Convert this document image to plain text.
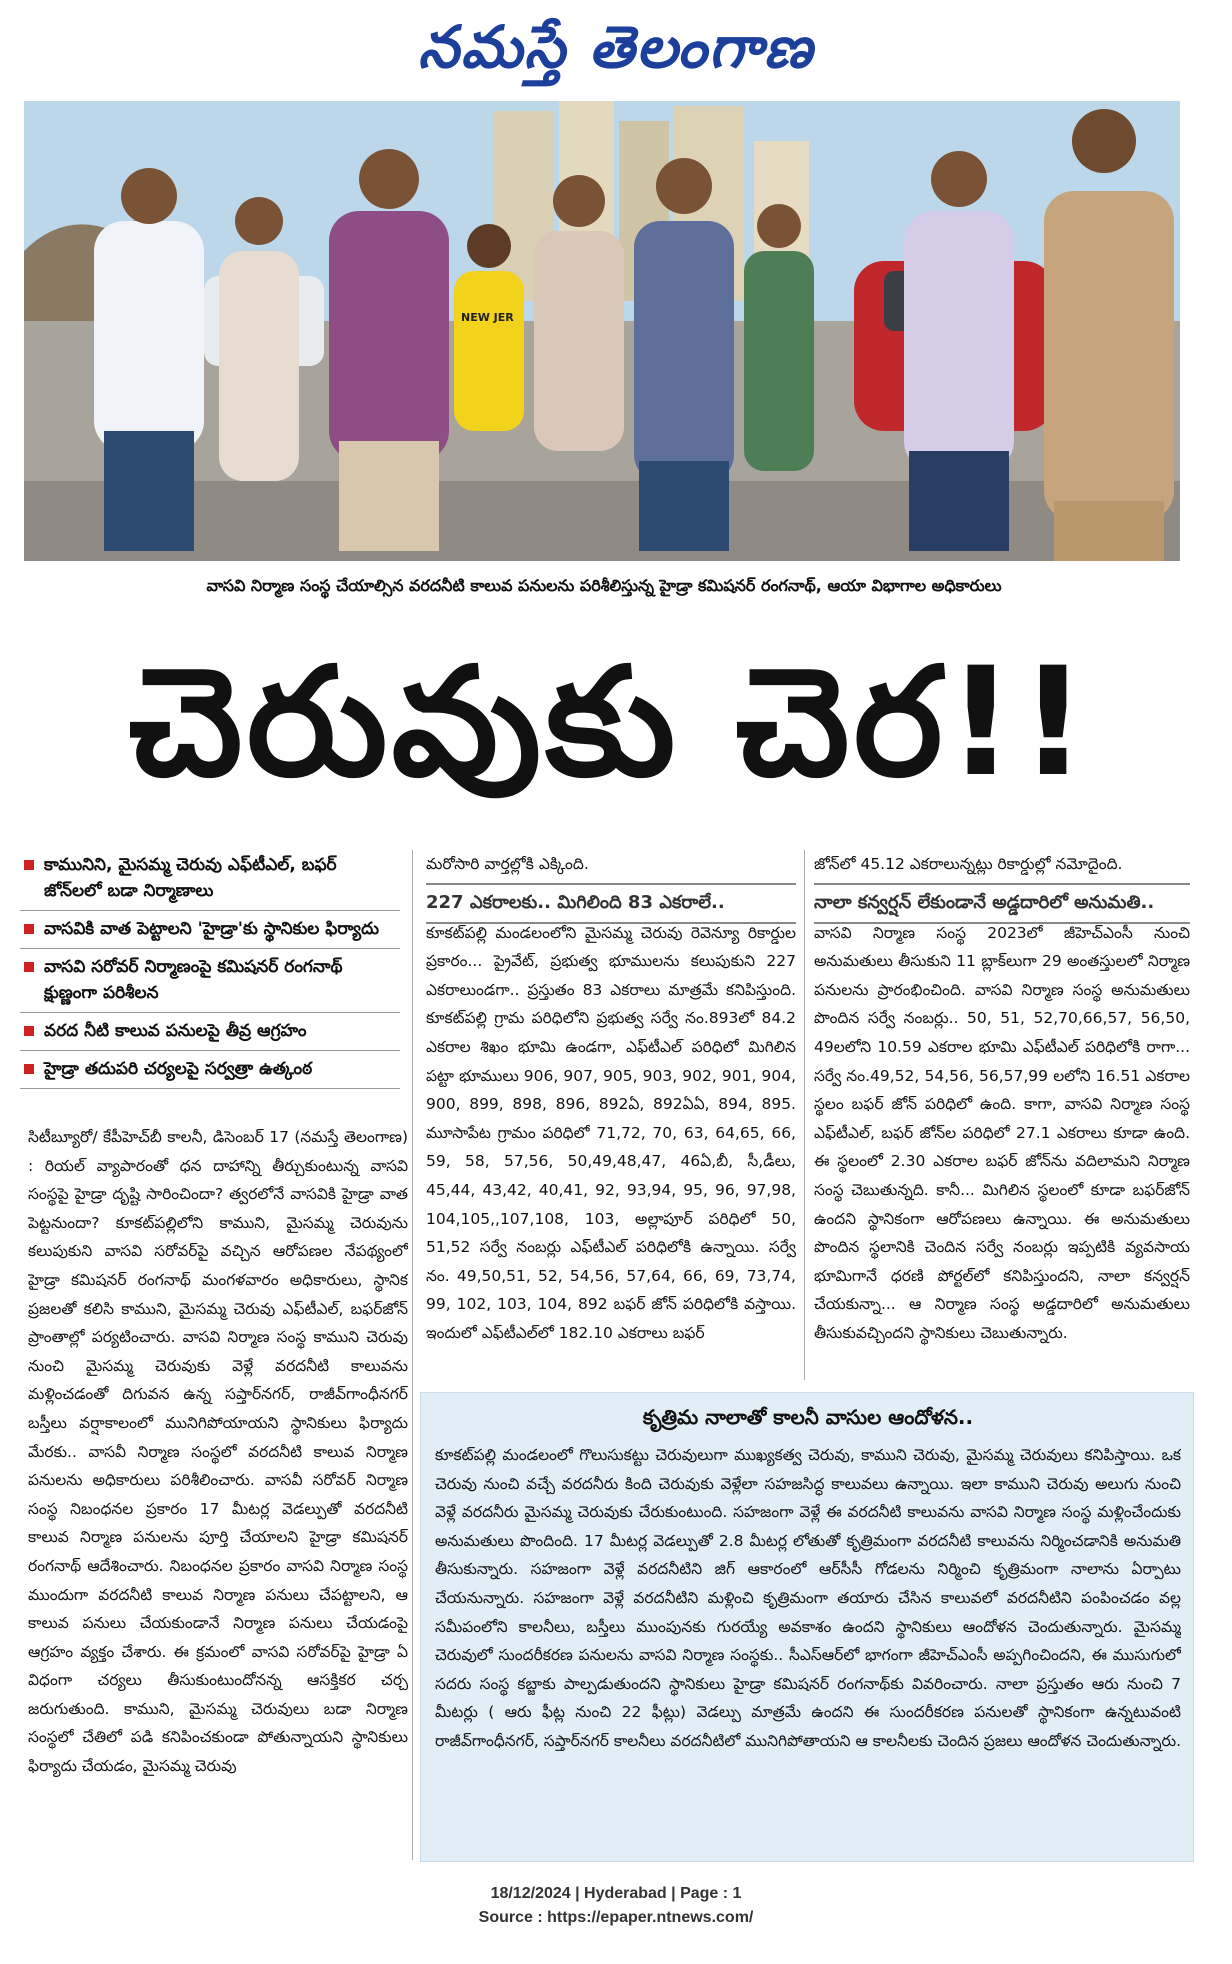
నమస్తే తెలంగాణ
NEW JER
వాసవి నిర్మాణ సంస్థ చేయాల్సిన వరదనీటి కాలువ పనులను పరిశీలిస్తున్న హైడ్రా కమిషనర్ రంగనాథ్, ఆయా విభాగాల అధికారులు
చెరువుకు చెర!!
కామునిని, మైసమ్మ చెరువు ఎఫ్‌టీఎల్, బఫర్ జోన్‌లలో బడా నిర్మాణాలు
వాసవికి వాత పెట్టాలని 'హైడ్రా'కు స్థానికుల ఫిర్యాదు
వాసవి సరోవర్ నిర్మాణంపై కమిషనర్ రంగనాథ్ క్షుణ్ణంగా పరిశీలన
వరద నీటి కాలువ పనులపై తీవ్ర ఆగ్రహం
హైడ్రా తదుపరి చర్యలపై సర్వత్రా ఉత్కంఠ
సిటీబ్యూరో/ కేపీహెచ్‌బీ కాలనీ, డిసెంబర్ 17 (నమస్తే తెలంగాణ) : రియల్ వ్యాపారంతో ధన దాహాన్ని తీర్చుకుంటున్న వాసవి సంస్థపై హైడ్రా దృష్టి సారించిందా? త్వరలోనే వాసవికి హైడ్రా వాత పెట్టనుందా? కూకట్‌పల్లిలోని కాముని, మైసమ్మ చెరువును కలుపుకుని వాసవి సరోవర్‌పై వచ్చిన ఆరోపణల నేపథ్యంలో హైడ్రా కమిషనర్ రంగనాథ్ మంగళవారం అధికారులు, స్థానిక ప్రజలతో కలిసి కాముని, మైసమ్మ చెరువు ఎఫ్‌టీఎల్, బఫర్‌జోన్ ప్రాంతాల్లో పర్యటించారు. వాసవి నిర్మాణ సంస్థ కాముని చెరువు నుంచి మైసమ్మ చెరువుకు వెళ్లే వరదనీటి కాలువను మళ్లించడంతో దిగువన ఉన్న సప్తార్‌నగర్, రాజీవ్‌గాంధీనగర్ బస్తీలు వర్షాకాలంలో మునిగిపోయాయని స్థానికులు ఫిర్యాదు మేరకు.. వాసవీ నిర్మాణ సంస్థలో వరదనీటి కాలువ నిర్మాణ పనులను అధికారులు పరిశీలించారు. వాసవీ సరోవర్ నిర్మాణ సంస్థ నిబంధనల ప్రకారం 17 మీటర్ల వెడల్పుతో వరదనీటి కాలువ నిర్మాణ పనులను పూర్తి చేయాలని హైడ్రా కమిషనర్ రంగనాథ్ ఆదేశించారు. నిబంధనల ప్రకారం వాసవి నిర్మాణ సంస్థ ముందుగా వరదనీటి కాలువ నిర్మాణ పనులు చేపట్టాలని, ఆ కాలువ పనులు చేయకుండానే నిర్మాణ పనులు చేయడంపై ఆగ్రహం వ్యక్తం చేశారు. ఈ క్రమంలో వాసవి సరోవర్‌పై హైడ్రా ఏ విధంగా చర్యలు తీసుకుంటుందోనన్న ఆసక్తికర చర్చ జరుగుతుంది. కాముని, మైసమ్మ చెరువులు బడా నిర్మాణ సంస్థలో చేతిలో పడి కనిపించకుండా పోతున్నాయని స్థానికులు ఫిర్యాదు చేయడం, మైసమ్మ చెరువు
మరోసారి వార్తల్లోకి ఎక్కింది.
కూకట్‌పల్లి మండలంలోని మైసమ్మ చెరువు రెవెన్యూ రికార్డుల ప్రకారం... ప్రైవేట్, ప్రభుత్వ భూములను కలుపుకుని 227 ఎకరాలుండగా.. ప్రస్తుతం 83 ఎకరాలు మాత్రమే కనిపిస్తుంది. కూకట్‌పల్లి గ్రామ పరిధిలోని ప్రభుత్వ సర్వే నం.893లో 84.2 ఎకరాల శిఖం భూమి ఉండగా, ఎఫ్‌టీఎల్ పరిధిలో మిగిలిన పట్టా భూములు 906, 907, 905, 903, 902, 901, 904, 900, 899, 898, 896, 892ఏ, 892ఏఏ, 894, 895. మూసాపేట గ్రామం పరిధిలో 71,72, 70, 63, 64,65, 66, 59, 58, 57,56, 50,49,48,47, 46ఏ,బీ, సీ,డీలు, 45,44, 43,42, 40,41, 92, 93,94, 95, 96, 97,98, 104,105,,107,108, 103, అల్లాపూర్ పరిధిలో 50, 51,52 సర్వే నంబర్లు ఎఫ్‌టీఎల్ పరిధిలోకి ఉన్నాయి. సర్వే నం. 49,50,51, 52, 54,56, 57,64, 66, 69, 73,74, 99, 102, 103, 104, 892 బఫర్ జోన్ పరిధిలోకి వస్తాయి. ఇందులో ఎఫ్‌టీఎల్‌లో 182.10 ఎకరాలు బఫర్
227 ఎకరాలకు.. మిగిలింది 83 ఎకరాలే..
జోన్‌లో 45.12 ఎకరాలున్నట్లు రికార్డుల్లో నమోదైంది.
వాసవి నిర్మాణ సంస్థ 2023లో జీహెచ్‌ఎంసీ నుంచి అనుమతులు తీసుకుని 11 బ్లాక్‌లుగా 29 అంతస్తులలో నిర్మాణ పనులను ప్రారంభించింది. వాసవి నిర్మాణ సంస్థ అనుమతులు పొందిన సర్వే నంబర్లు.. 50, 51, 52,70,66,57, 56,50, 49లలోని 10.59 ఎకరాల భూమి ఎఫ్‌టీఎల్ పరిధిలోకి రాగా... సర్వే నం.49,52, 54,56, 56,57,99 లలోని 16.51 ఎకరాల స్థలం బఫర్ జోన్ పరిధిలో ఉంది. కాగా, వాసవి నిర్మాణ సంస్థ ఎఫ్‌టీఎల్, బఫర్ జోన్‌ల పరిధిలో 27.1 ఎకరాలు కూడా ఉంది. ఈ స్థలంలో 2.30 ఎకరాల బఫర్ జోన్‌ను వదిలామని నిర్మాణ సంస్థ చెబుతున్నది. కానీ... మిగిలిన స్థలంలో కూడా బఫర్‌జోన్ ఉందని స్థానికంగా ఆరోపణలు ఉన్నాయి. ఈ అనుమతులు పొందిన స్థలానికి చెందిన సర్వే నంబర్లు ఇప్పటికి వ్యవసాయ భూమిగానే ధరణి పోర్టల్‌లో కనిపిస్తుందని, నాలా కన్వర్షన్ చేయకున్నా... ఆ నిర్మాణ సంస్థ అడ్డదారిలో అనుమతులు తీసుకువచ్చిందని స్థానికులు చెబుతున్నారు.
నాలా కన్వర్షన్ లేకుండానే అడ్డదారిలో అనుమతి..
కృత్రిమ నాలాతో కాలనీ వాసుల ఆందోళన..
కూకట్‌పల్లి మండలంలో గొలుసుకట్టు చెరువులుగా ముఖ్యకత్వ చెరువు, కాముని చెరువు, మైసమ్మ చెరువులు కనిపిస్తాయి. ఒక చెరువు నుంచి వచ్చే వరదనీరు కింది చెరువుకు వెళ్లేలా సహజసిద్ధ కాలువలు ఉన్నాయి. ఇలా కాముని చెరువు అలుగు నుంచి వెళ్లే వరదనీరు మైసమ్మ చెరువుకు చేరుకుంటుంది. సహజంగా వెళ్లే ఈ వరదనీటి కాలువను వాసవి నిర్మాణ సంస్థ మళ్లించేందుకు అనుమతులు పొందింది. 17 మీటర్ల వెడల్పుతో 2.8 మీటర్ల లోతుతో కృత్రిమంగా వరదనీటి కాలువను నిర్మించడానికి అనుమతి తీసుకున్నారు. సహజంగా వెళ్లే వరదనీటిని జిగ్ ఆకారంలో ఆర్‌సీసీ గోడలను నిర్మించి కృత్రిమంగా నాలాను ఏర్పాటు చేయనున్నారు. సహజంగా వెళ్లే వరదనీటిని మళ్లించి కృత్రిమంగా తయారు చేసిన కాలువలో వరదనీటిని పంపించడం వల్ల సమీపంలోని కాలనీలు, బస్తీలు ముంపునకు గురయ్యే అవకాశం ఉందని స్థానికులు ఆందోళన చెందుతున్నారు. మైసమ్మ చెరువులో సుందరీకరణ పనులను వాసవి నిర్మాణ సంస్థకు.. సీఎస్‌ఆర్‌లో భాగంగా జీహెచ్‌ఎంసీ అప్పగించిందని, ఈ ముసుగులో సదరు సంస్థ కబ్జాకు పాల్పడుతుందని స్థానికులు హైడ్రా కమిషనర్ రంగనాథ్‌కు వివరించారు. నాలా ప్రస్తుతం ఆరు నుంచి 7 మీటర్లు ( ఆరు ఫీట్ల నుంచి 22 ఫీట్లు) వెడల్పు మాత్రమే ఉందని ఈ సుందరీకరణ పనులతో స్థానికంగా ఉన్నటువంటి రాజీవ్‌గాంధీనగర్, సప్తార్‌నగర్ కాలనీలు వరదనీటిలో మునిగిపోతాయని ఆ కాలనీలకు చెందిన ప్రజలు ఆందోళన చెందుతున్నారు.
18/12/2024 | Hyderabad | Page : 1
Source : https://epaper.ntnews.com/
